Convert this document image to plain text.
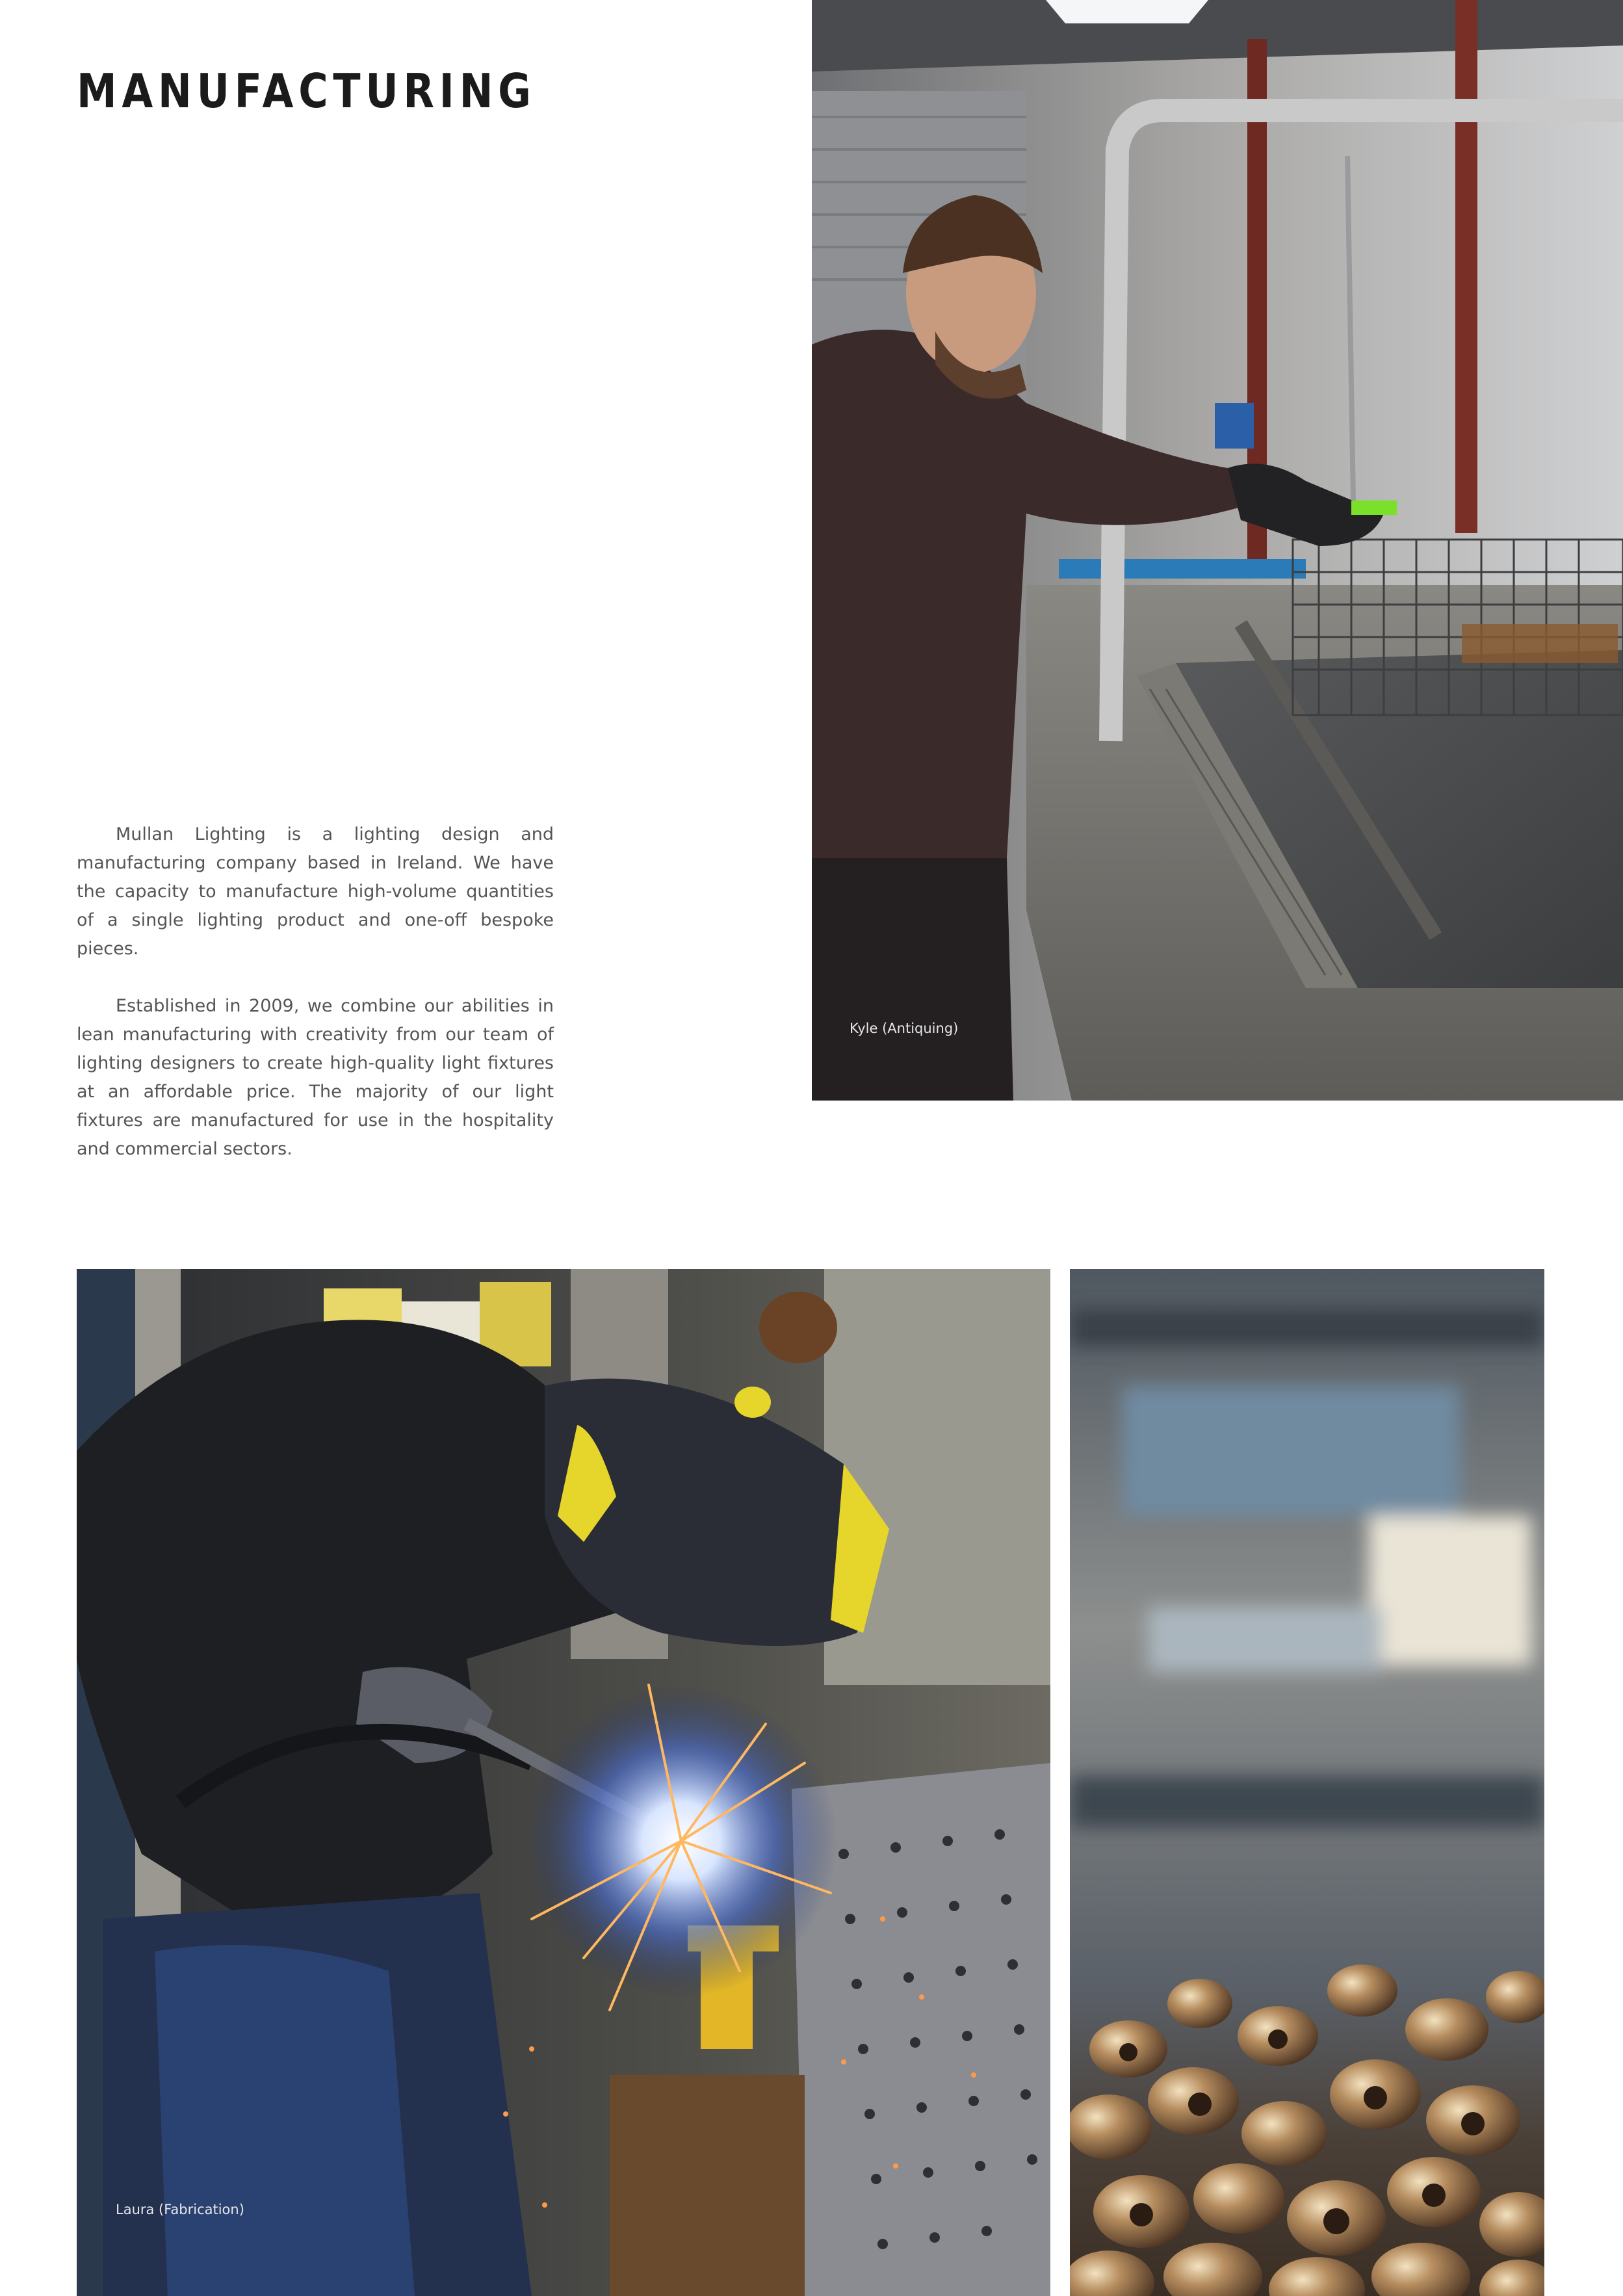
MANUFACTURING

Mullan Lighting is a lighting design and manufacturing company based in Ireland. We have the capacity to manufacture high-volume quantities of a single lighting product and one-off bespoke pieces.

Established in 2009, we combine our abilities in lean manufacturing with creativity from our team of lighting designers to create high-quality light fixtures at an affordable price. The majority of our light fixtures are manufactured for use in the hospitality and commercial sectors.

Kyle (Antiquing)
Laura (Fabrication)
